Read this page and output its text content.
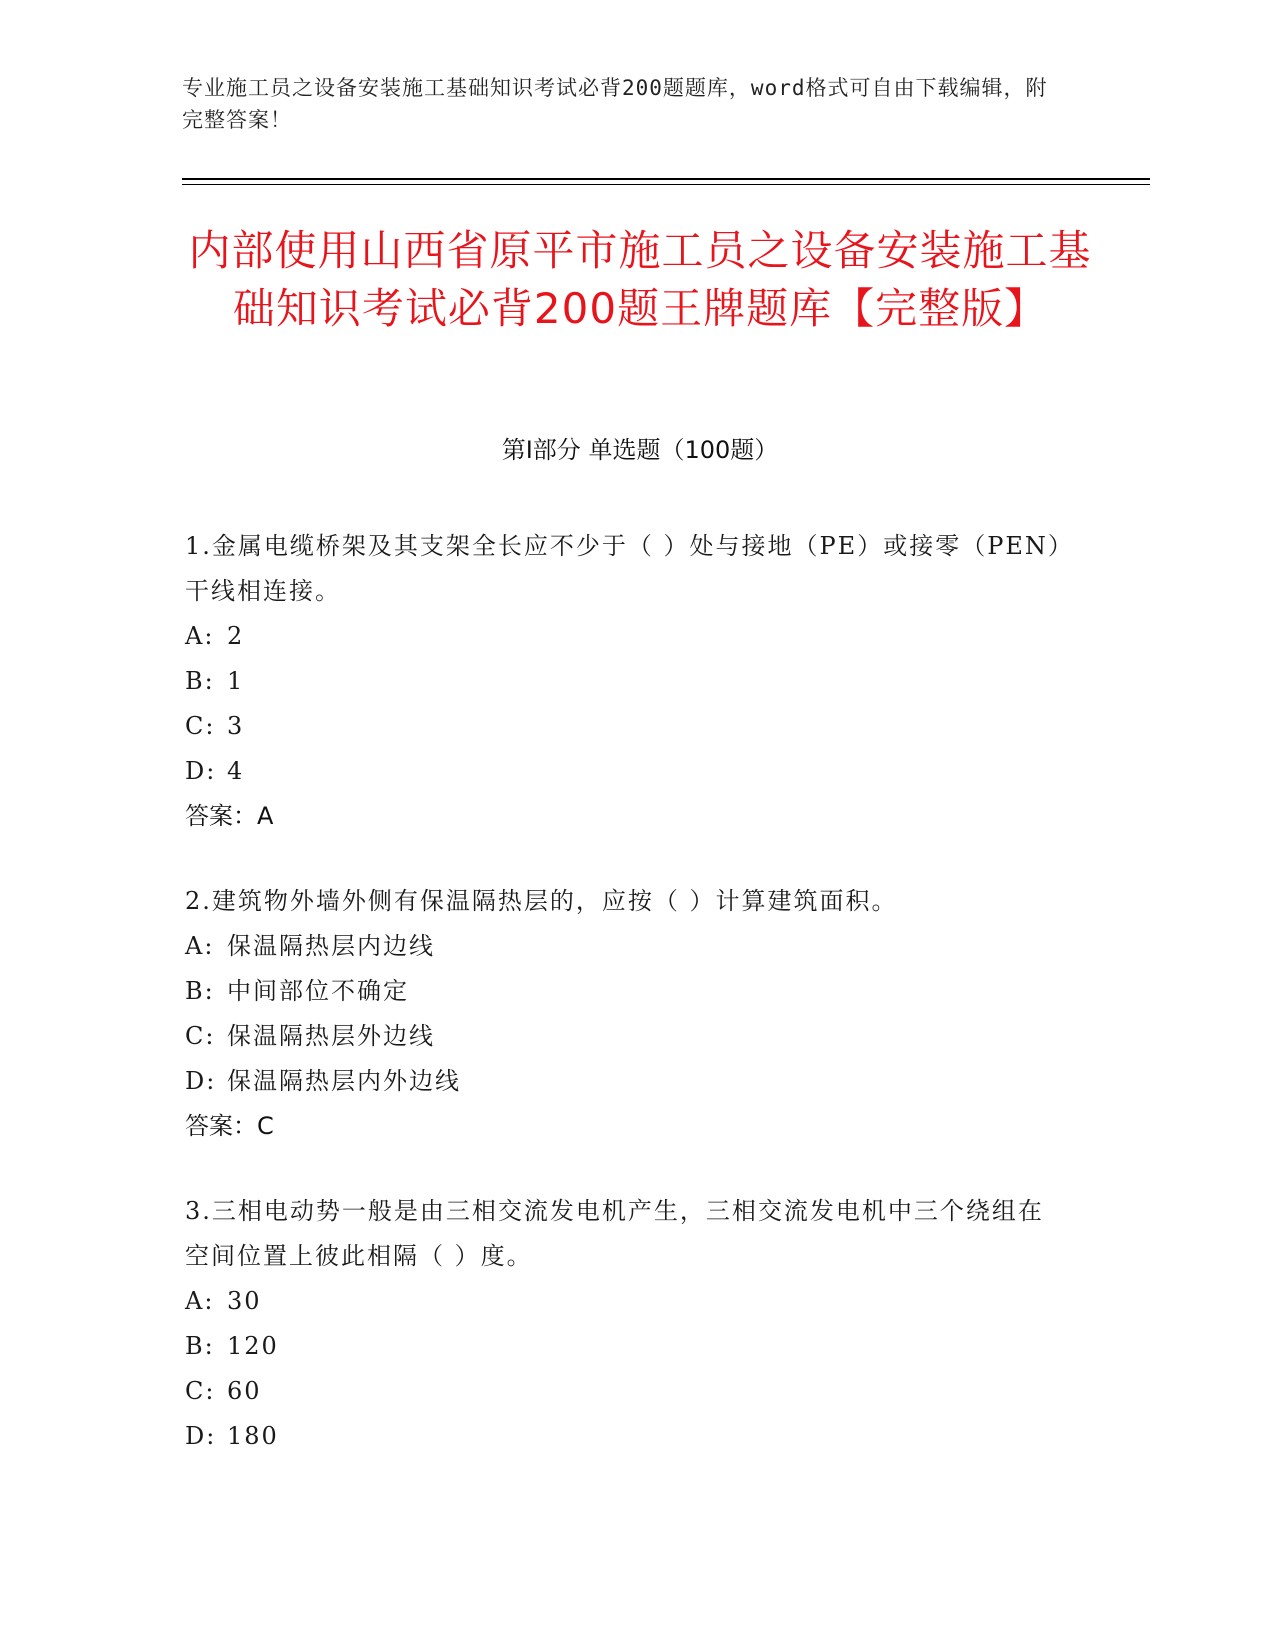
专业施工员之设备安装施工基础知识考试必背200题题库，word格式可自由下载编辑，附完整答案！
内部使用山西省原平市施工员之设备安装施工基础知识考试必背200题王牌题库【完整版】
第Ⅰ部分 单选题（100题）
1.金属电缆桥架及其支架全长应不少于（ ）处与接地（PE）或接零（PEN）干线相连接。
A: 2
B: 1
C: 3
D: 4
答案：A
2.建筑物外墙外侧有保温隔热层的，应按（ ）计算建筑面积。
A: 保温隔热层内边线
B: 中间部位不确定
C: 保温隔热层外边线
D: 保温隔热层内外边线
答案：C
3.三相电动势一般是由三相交流发电机产生，三相交流发电机中三个绕组在空间位置上彼此相隔（ ）度。
A: 30
B: 120
C: 60
D: 180
